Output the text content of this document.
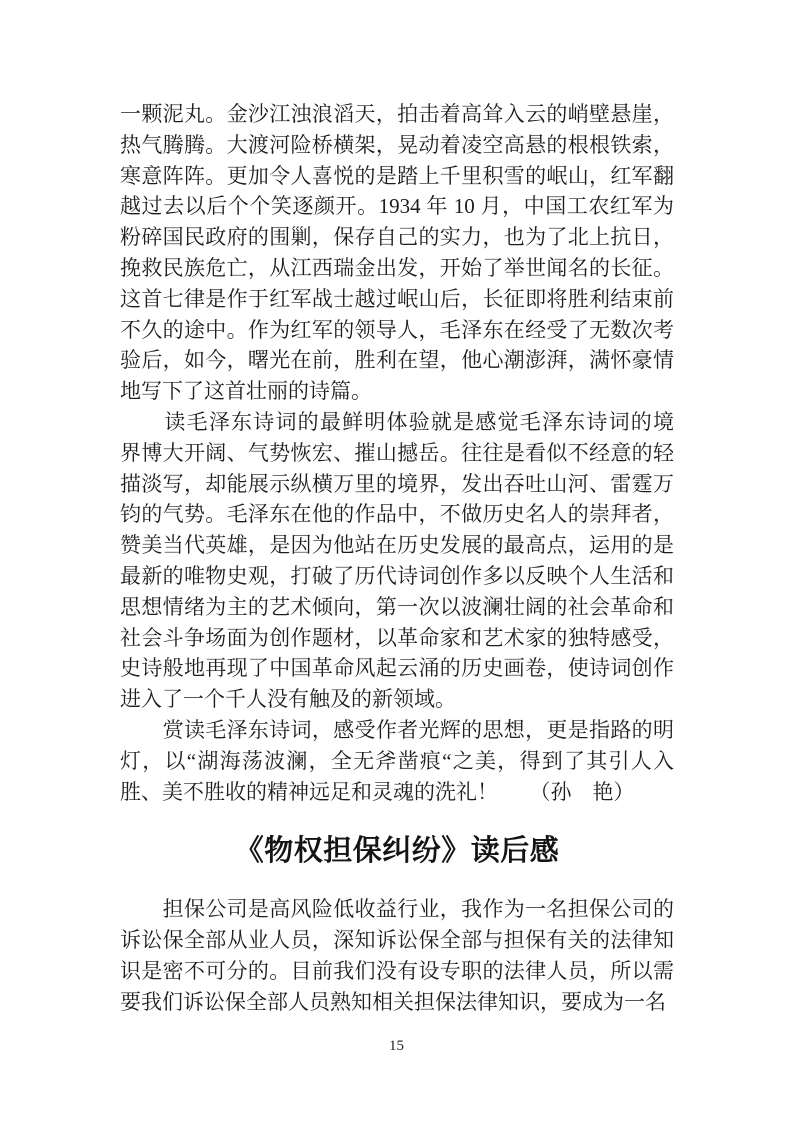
一颗泥丸。金沙江浊浪滔天，拍击着高耸入云的峭壁悬崖，
热气腾腾。大渡河险桥横架，晃动着凌空高悬的根根铁索，
寒意阵阵。更加令人喜悦的是踏上千里积雪的岷山，红军翻
越过去以后个个笑逐颜开。1934 年 10 月，中国工农红军为
粉碎国民政府的围剿，保存自己的实力，也为了北上抗日，
挽救民族危亡，从江西瑞金出发，开始了举世闻名的长征。
这首七律是作于红军战士越过岷山后，长征即将胜利结束前
不久的途中。作为红军的领导人，毛泽东在经受了无数次考
验后，如今，曙光在前，胜利在望，他心潮澎湃，满怀豪情
地写下了这首壮丽的诗篇。
　　读毛泽东诗词的最鲜明体验就是感觉毛泽东诗词的境
界博大开阔、气势恢宏、摧山撼岳。往往是看似不经意的轻
描淡写，却能展示纵横万里的境界，发出吞吐山河、雷霆万
钧的气势。毛泽东在他的作品中，不做历史名人的崇拜者，
赞美当代英雄，是因为他站在历史发展的最高点，运用的是
最新的唯物史观，打破了历代诗词创作多以反映个人生活和
思想情绪为主的艺术倾向，第一次以波澜壮阔的社会革命和
社会斗争场面为创作题材，以革命家和艺术家的独特感受，
史诗般地再现了中国革命风起云涌的历史画卷，使诗词创作
进入了一个千人没有触及的新领域。
　　赏读毛泽东诗词，感受作者光辉的思想，更是指路的明
灯，以“湖海荡波澜，全无斧凿痕“之美，得到了其引人入
胜、美不胜收的精神远足和灵魂的洗礼！　　（孙　艳）
《物权担保纠纷》读后感
　　担保公司是高风险低收益行业，我作为一名担保公司的
诉讼保全部从业人员，深知诉讼保全部与担保有关的法律知
识是密不可分的。目前我们没有设专职的法律人员，所以需
要我们诉讼保全部人员熟知相关担保法律知识，要成为一名
15
